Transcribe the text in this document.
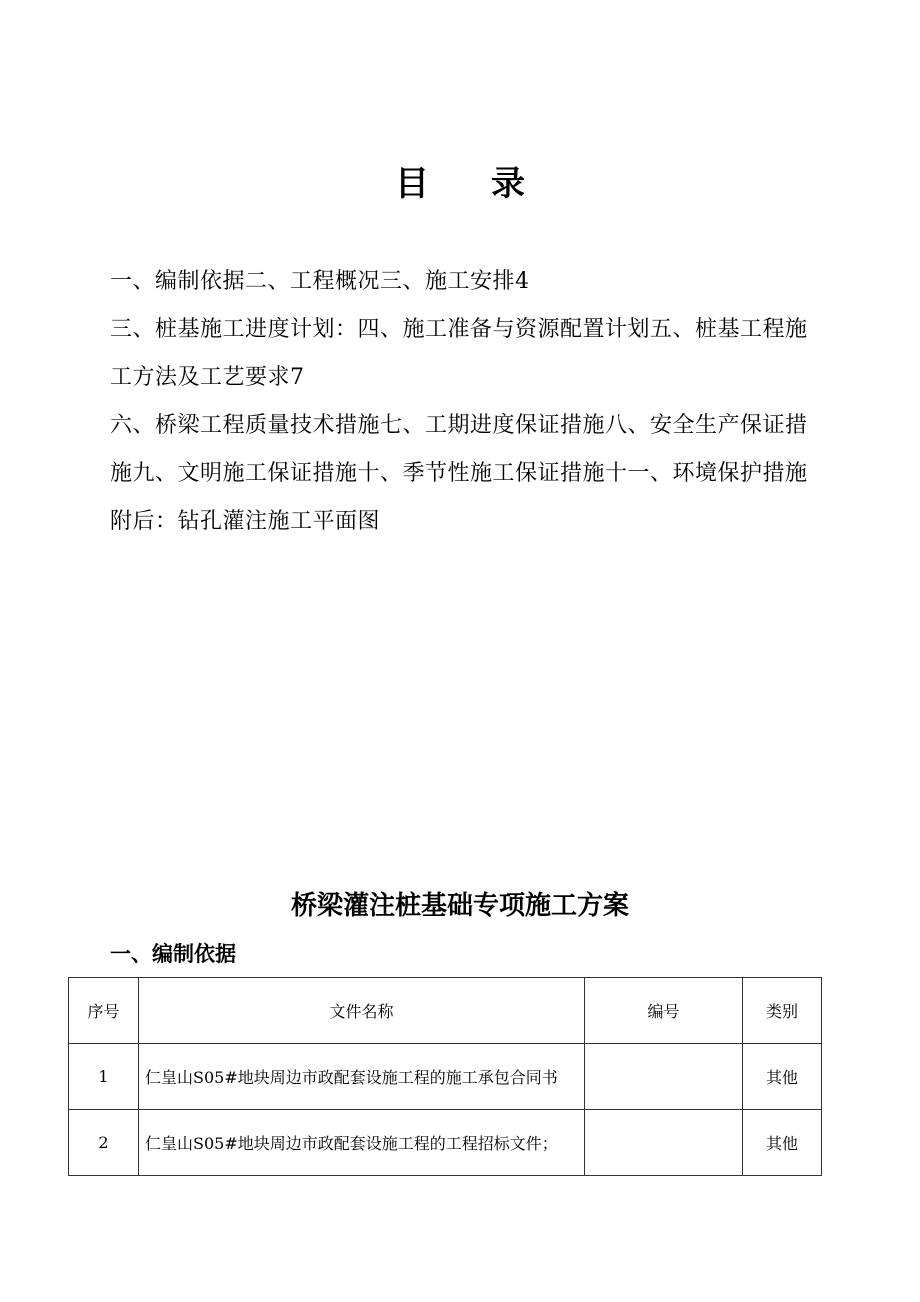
目 录

一、编制依据二、工程概况三、施工安排4

三、桩基施工进度计划：四、施工准备与资源配置计划五、桩基工程施工方法及工艺要求7

六、桥梁工程质量技术措施七、工期进度保证措施八、安全生产保证措施九、文明施工保证措施十、季节性施工保证措施十一、环境保护措施附后：钻孔灌注施工平面图

桥梁灌注桩基础专项施工方案
一、编制依据
序号	文件名称	编号	类别
1	仁皇山S05#地块周边市政配套设施工程的施工承包合同书		其他
2	仁皇山S05#地块周边市政配套设施工程的工程招标文件；		其他
